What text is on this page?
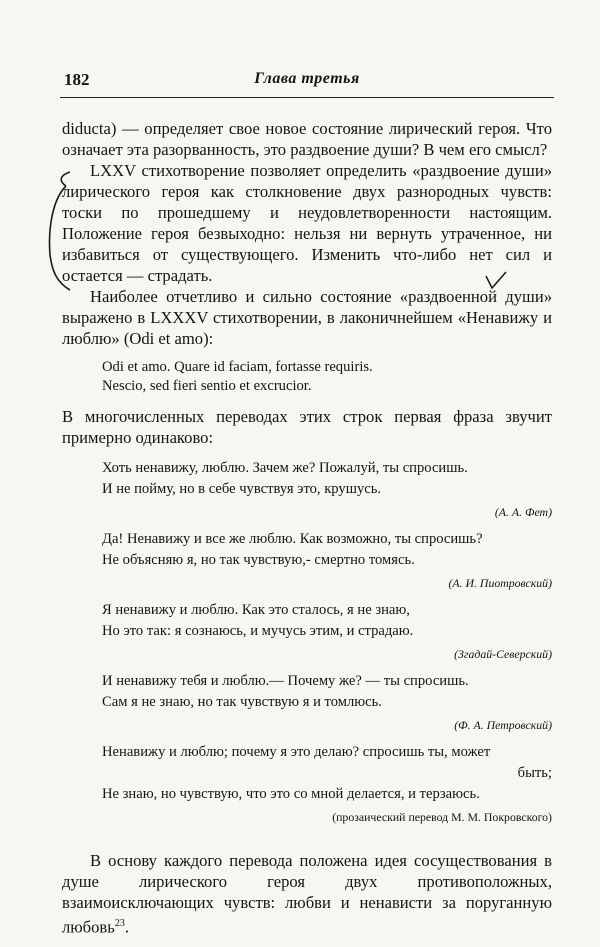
182	Глава третья

diducta) — определяет свое новое состояние лирический героя. Что означает эта разорванность, это раздвоение души? В чем его смысл?

LXXV стихотворение позволяет определить «раздвоение души» лирического героя как столкновение двух разнородных чувств: тоски по прошедшему и неудовлетворенности настоящим. Положение героя безвыходно: нельзя ни вернуть утраченное, ни избавиться от существующего. Изменить что-либо нет сил и остается — страдать.

Наиболее отчетливо и сильно состояние «раздвоенной души» выражено в LXXXV стихотворении, в лаконичнейшем «Ненавижу и люблю» (Odi et amo):

Odi et amo. Quare id faciam, fortasse requiris.
Nescio, sed fieri sentio et excrucior.

В многочисленных переводах этих строк первая фраза звучит примерно одинаково:

Хоть ненавижу, люблю. Зачем же? Пожалуй, ты спросишь.
И не пойму, но в себе чувствуя это, крушусь.
(А. А. Фет)
Да! Ненавижу и все же люблю. Как возможно, ты спросишь?
Не объясняю я, но так чувствую,- смертно томясь.
(А. И. Пиотровский)
Я ненавижу и люблю. Как это сталось, я не знаю,
Но это так: я сознаюсь, и мучусь этим, и страдаю.
(Згадай-Северский)
И ненавижу тебя и люблю.— Почему же? — ты спросишь.
Сам я не знаю, но так чувствую я и томлюсь.
(Ф. А. Петровский)
Ненавижу и люблю; почему я это делаю? спросишь ты, может
быть;
Не знаю, но чувствую, что это со мной делается, и терзаюсь.
(прозаический перевод М. М. Покровского)

В основу каждого перевода положена идея сосуществования в душе лирического героя двух противоположных, взаимоисключающих чувств: любви и ненависти за поруганную любовь$^{23}$.
